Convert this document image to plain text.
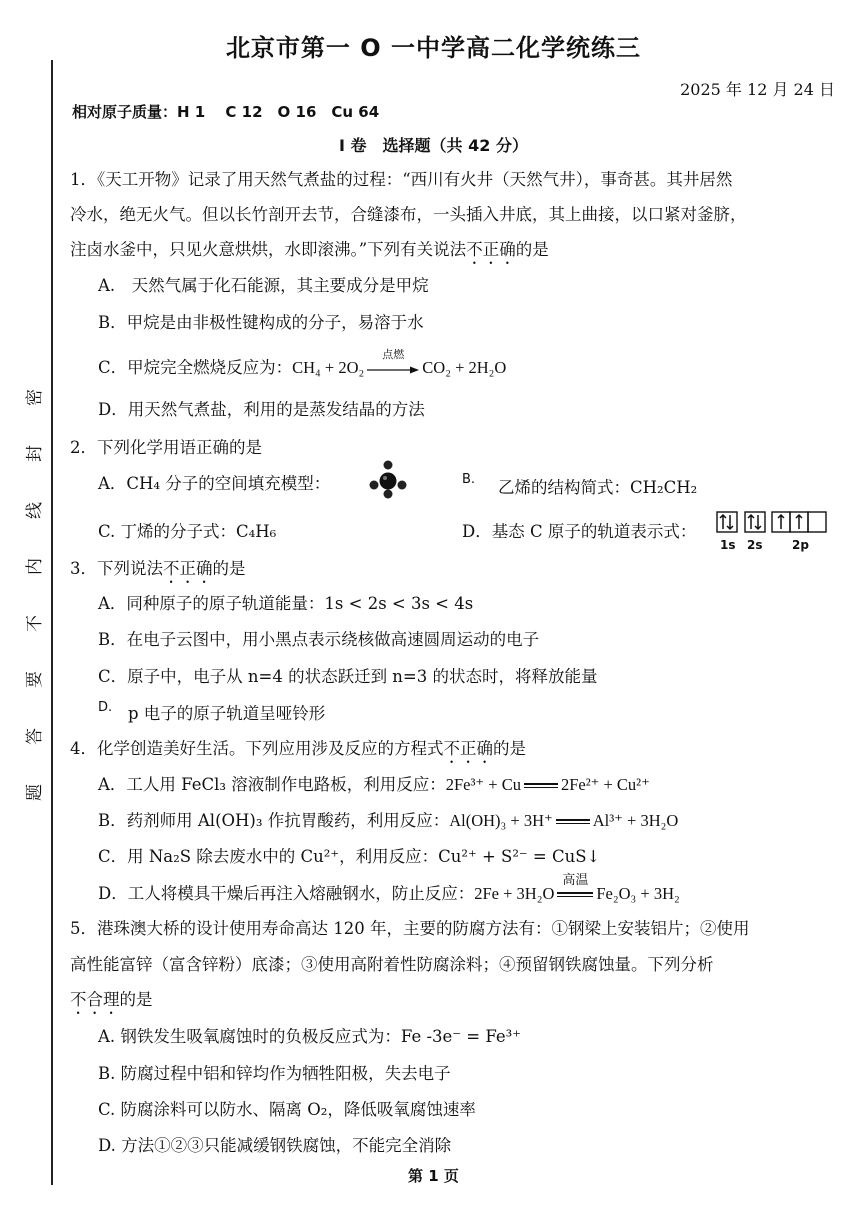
密
封
线
内
不
要
答
题
北京市第一 O 一中学高二化学统练三
2025 年 12 月 24 日
相对原子质量：H 1　 C 12　O 16　Cu 64
I 卷　选择题（共 42 分）
1．《天工开物》记录了用天然气煮盐的过程：“西川有火井（天然气井），事奇甚。其井居然
冷水，绝无火气。但以长竹剖开去节，合缝漆布，一头插入井底，其上曲接，以口紧对釜脐，
注卤水釜中，只见火意烘烘，水即滚沸。”下列有关说法不正确的是
A.　天然气属于化石能源，其主要成分是甲烷
B．甲烷是由非极性键构成的分子，易溶于水
C．甲烷完全燃烧反应为：CH₄ + 2O₂
点燃
CO₂ + 2H₂O
D．用天然气煮盐，利用的是蒸发结晶的方法
2．下列化学用语正确的是
A．CH₄ 分子的空间填充模型：	B. 乙烯的结构简式：CH₂CH₂
C. 丁烯的分子式：C₄H₆	D．基态 C 原子的轨道表示式：
1s 2s 2p
3．下列说法不正确的是
A．同种原子的原子轨道能量：1s < 2s < 3s < 4s
B．在电子云图中，用小黑点表示绕核做高速圆周运动的电子
C．原子中，电子从 n=4 的状态跃迁到 n=3 的状态时，将释放能量
D. p 电子的原子轨道呈哑铃形
4．化学创造美好生活。下列应用涉及反应的方程式不正确的是
A．工人用 FeCl₃ 溶液制作电路板，利用反应：2Fe³⁺ + Cu 2Fe²⁺ + Cu²⁺
B．药剂师用 Al(OH)₃ 作抗胃酸药，利用反应：Al(OH)₃ + 3H⁺ Al³⁺ + 3H₂O
C．用 Na₂S 除去废水中的 Cu²⁺，利用反应：Cu²⁺ + S²⁻ = CuS↓
D．工人将模具干燥后再注入熔融钢水，防止反应：2Fe + 3H₂O
高温
Fe₂O₃ + 3H₂
5．港珠澳大桥的设计使用寿命高达 120 年，主要的防腐方法有：①钢梁上安装铝片；②使用
高性能富锌（富含锌粉）底漆；③使用高附着性防腐涂料；④预留钢铁腐蚀量。下列分析
不合理的是
A. 钢铁发生吸氧腐蚀时的负极反应式为：Fe -3e⁻ = Fe³⁺
B. 防腐过程中铝和锌均作为牺牲阳极，失去电子
C. 防腐涂料可以防水、隔离 O₂，降低吸氧腐蚀速率
D. 方法①②③只能减缓钢铁腐蚀，不能完全消除
第 1 页
